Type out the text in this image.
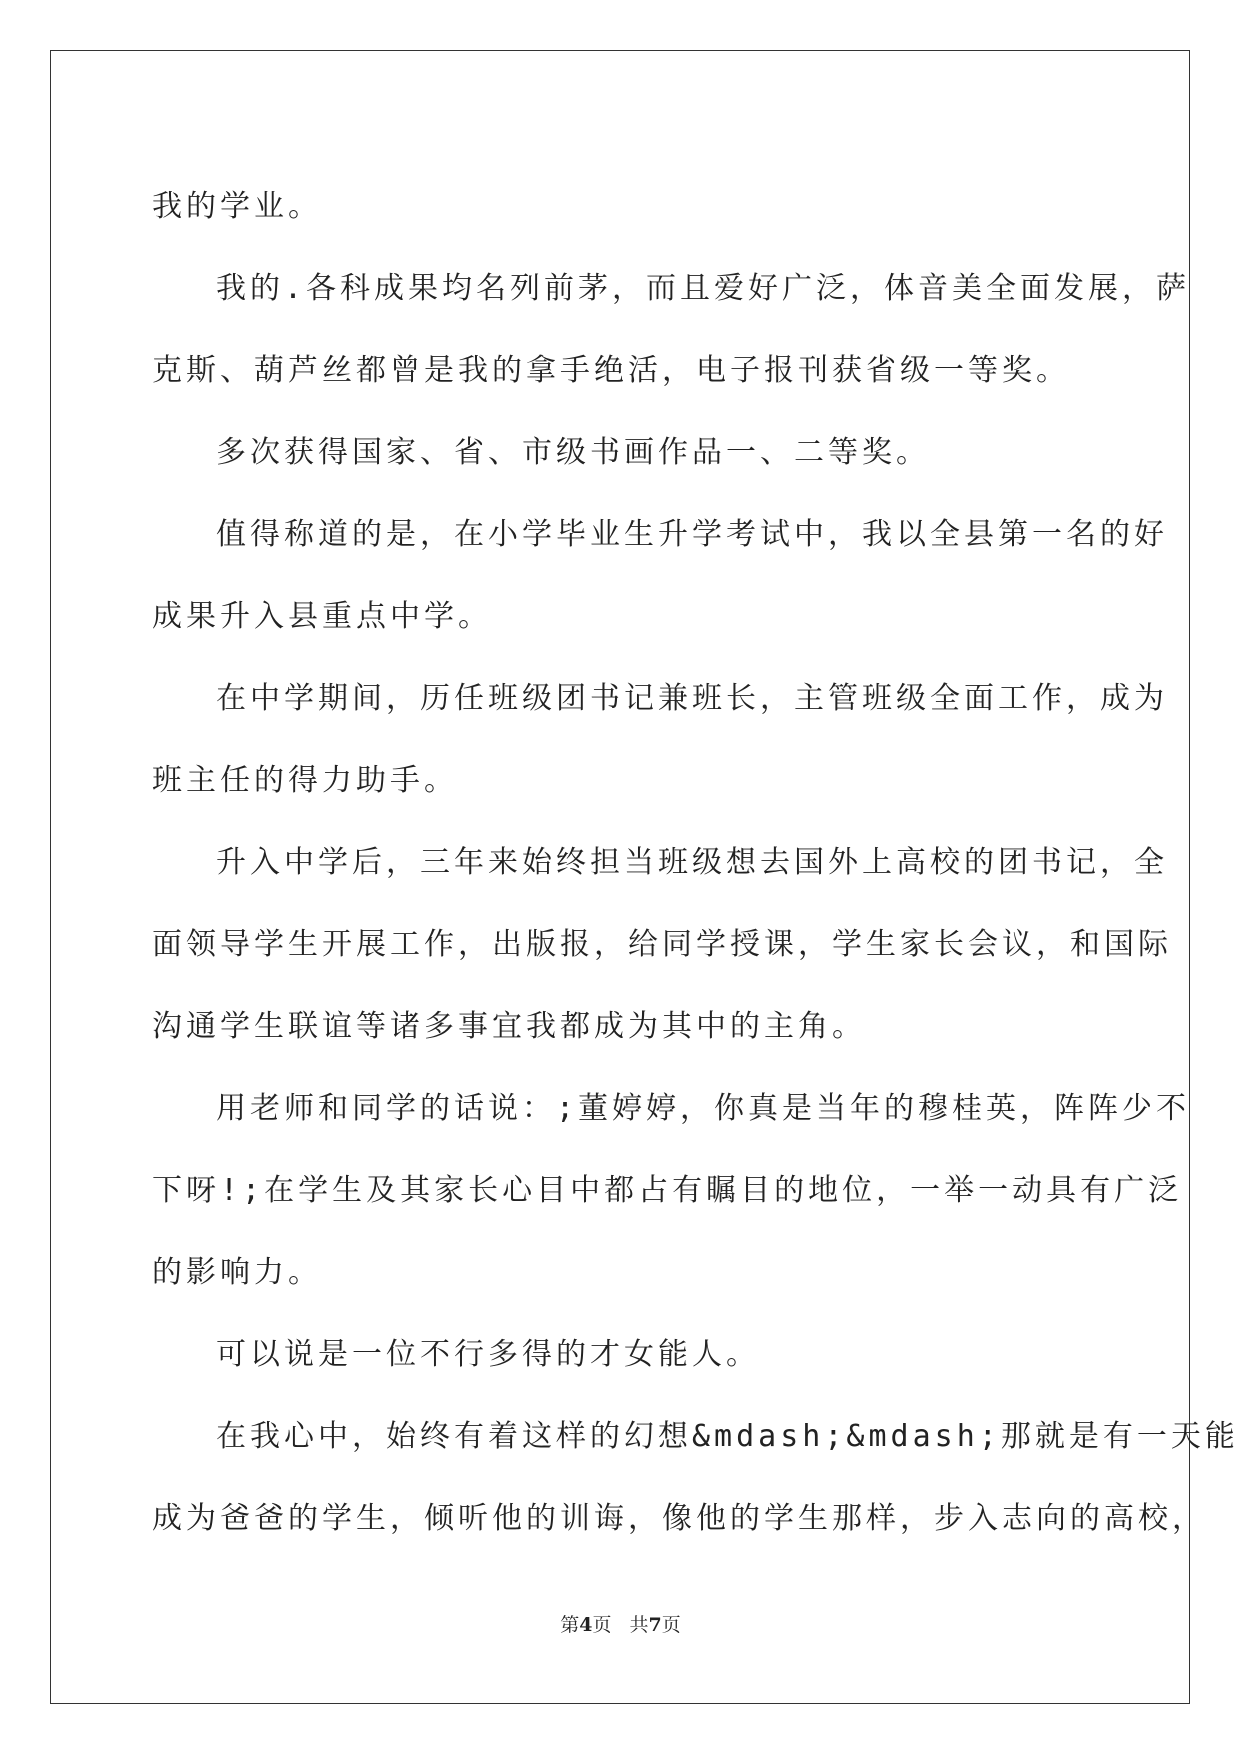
我的学业。
我的.各科成果均名列前茅，而且爱好广泛，体音美全面发展，萨
克斯、葫芦丝都曾是我的拿手绝活，电子报刊获省级一等奖。
多次获得国家、省、市级书画作品一、二等奖。
值得称道的是，在小学毕业生升学考试中，我以全县第一名的好
成果升入县重点中学。
在中学期间，历任班级团书记兼班长，主管班级全面工作，成为
班主任的得力助手。
升入中学后，三年来始终担当班级想去国外上高校的团书记，全
面领导学生开展工作，出版报，给同学授课，学生家长会议，和国际
沟通学生联谊等诸多事宜我都成为其中的主角。
用老师和同学的话说：;董婷婷，你真是当年的穆桂英，阵阵少不
下呀!;在学生及其家长心目中都占有瞩目的地位，一举一动具有广泛
的影响力。
可以说是一位不行多得的才女能人。
在我心中，始终有着这样的幻想&mdash;&mdash;那就是有一天能
成为爸爸的学生，倾听他的训诲，像他的学生那样，步入志向的高校，
第4页 共7页
